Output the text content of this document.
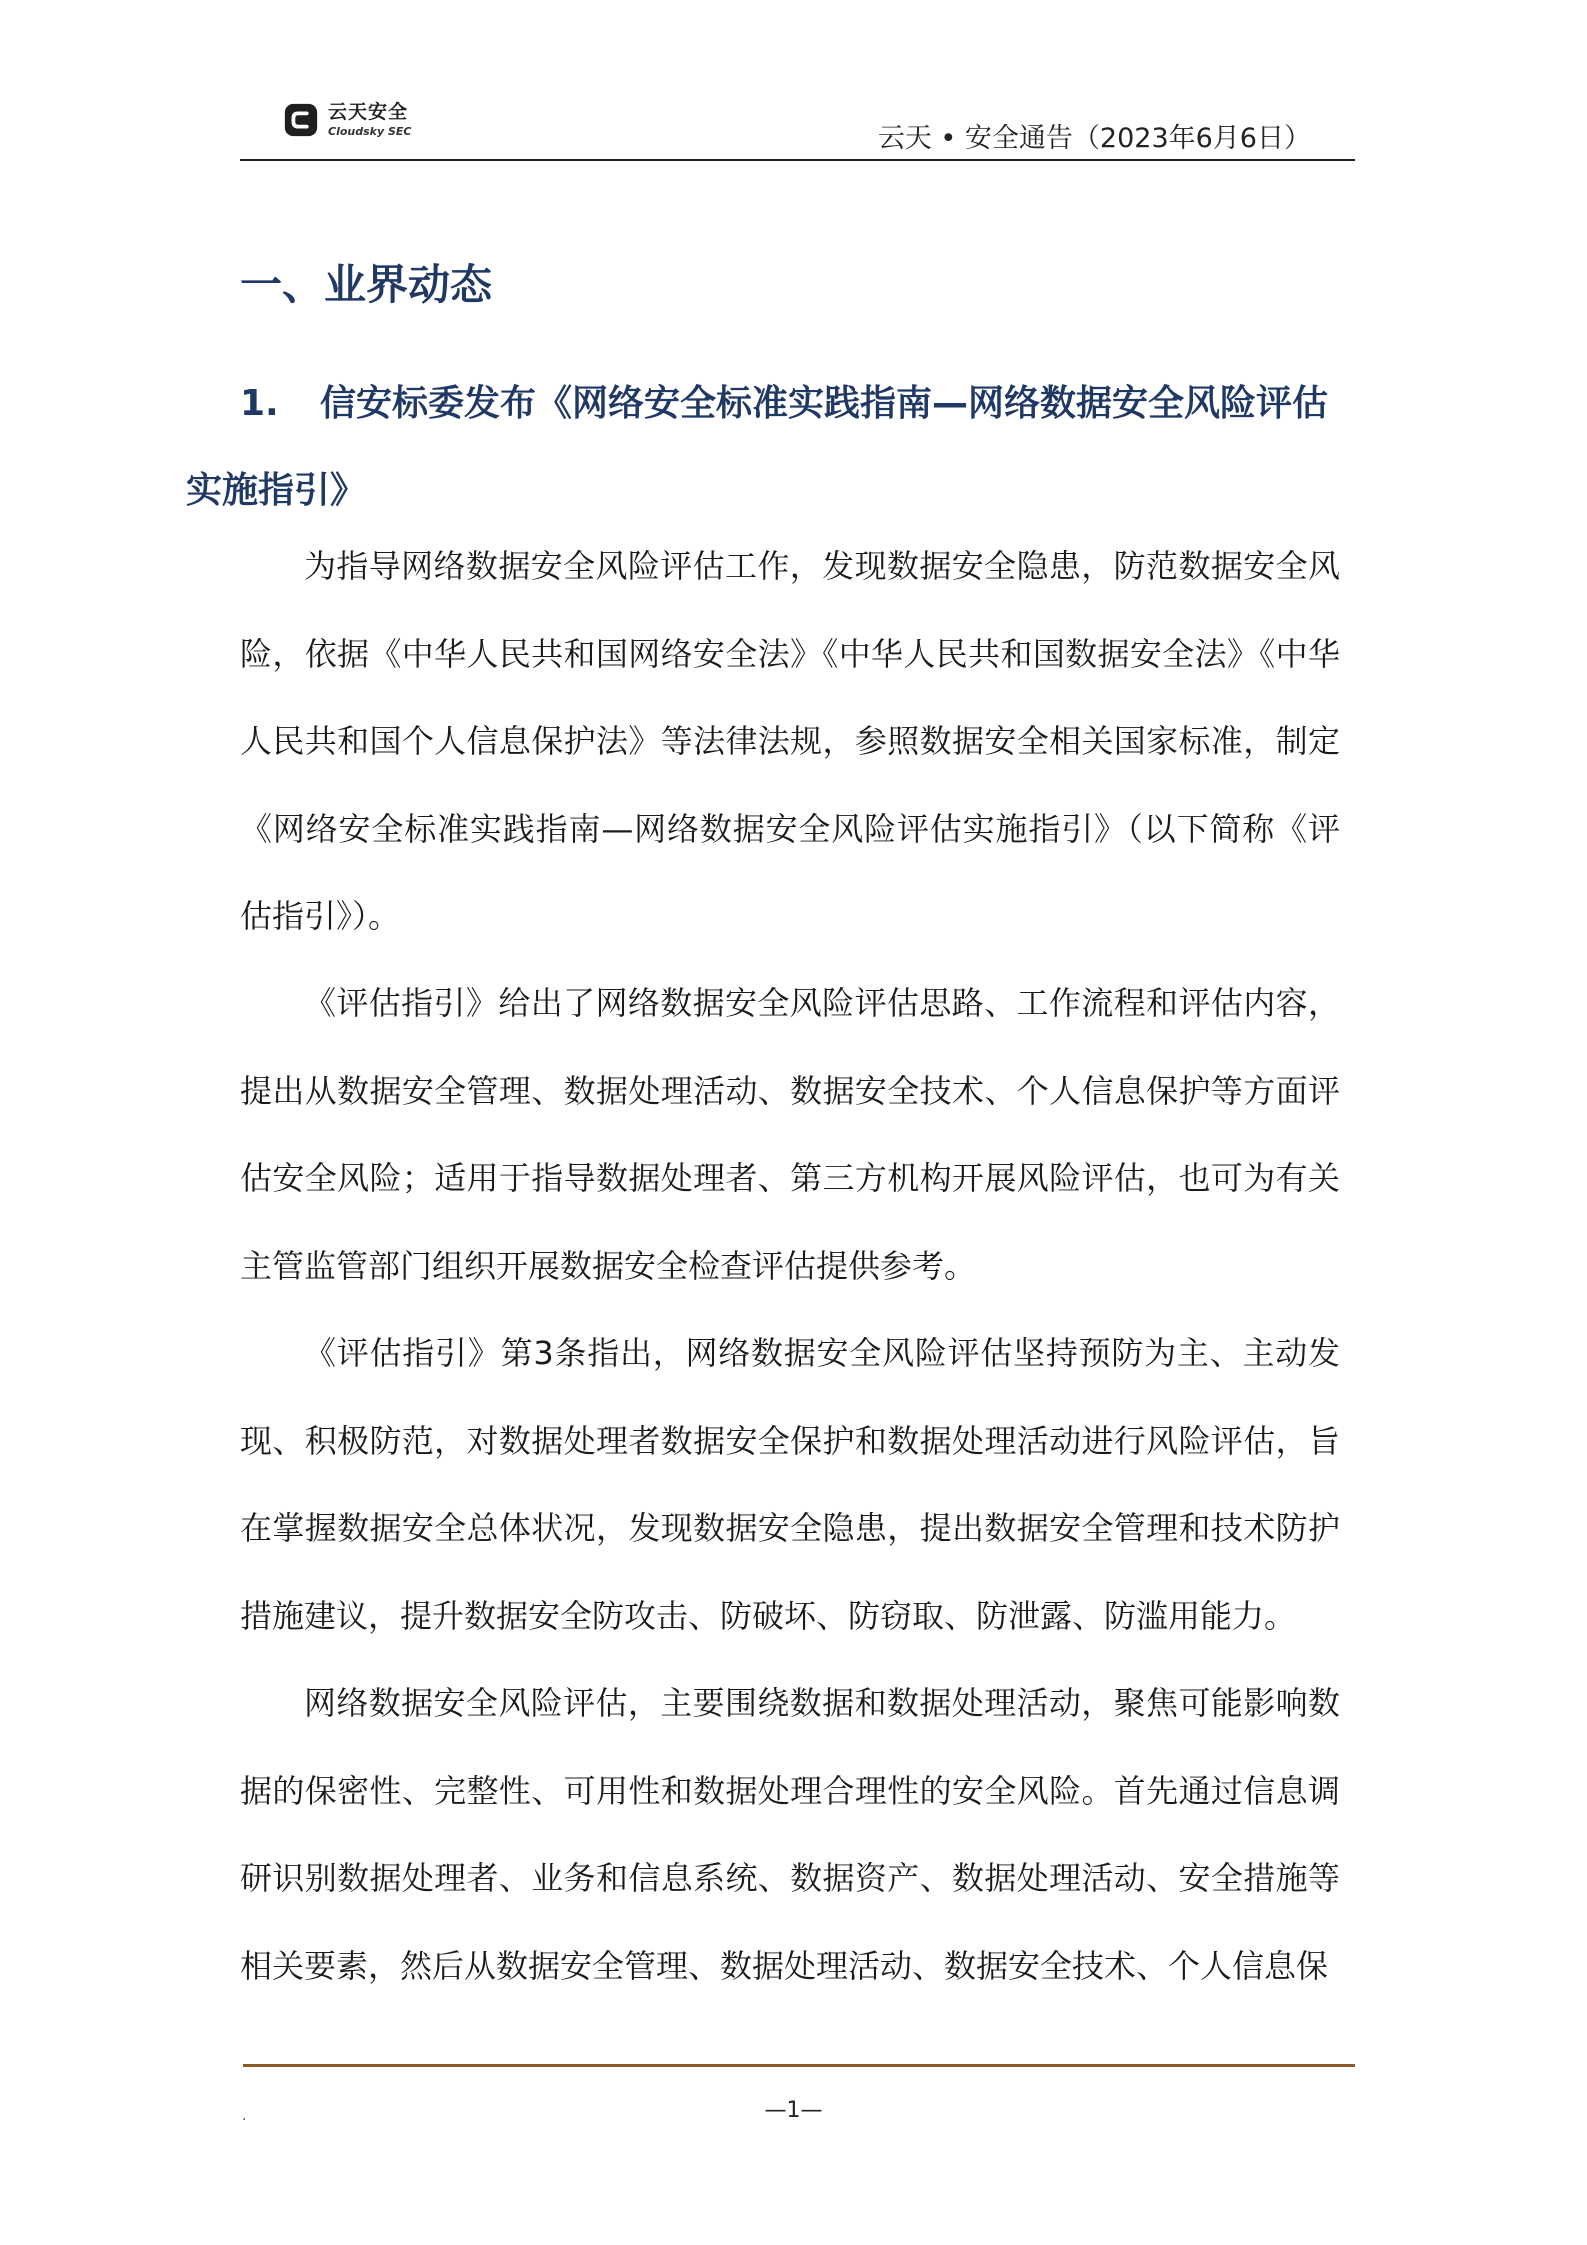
云天安全
Cloudsky SEC	云天 • 安全通告（2023年6月6日）
一、业界动态
1. 信安标委发布《网络安全标准实践指南—网络数据安全风险评估实施指引》

为指导网络数据安全风险评估工作，发现数据安全隐患，防范数据安全风险，依据《中华人民共和国网络安全法》《中华人民共和国数据安全法》《中华人民共和国个人信息保护法》等法律法规，参照数据安全相关国家标准，制定《网络安全标准实践指南—网络数据安全风险评估实施指引》（以下简称《评估指引》）。

《评估指引》给出了网络数据安全风险评估思路、工作流程和评估内容，提出从数据安全管理、数据处理活动、数据安全技术、个人信息保护等方面评估安全风险；适用于指导数据处理者、第三方机构开展风险评估，也可为有关主管监管部门组织开展数据安全检查评估提供参考。

《评估指引》第3条指出，网络数据安全风险评估坚持预防为主、主动发现、积极防范，对数据处理者数据安全保护和数据处理活动进行风险评估，旨在掌握数据安全总体状况，发现数据安全隐患，提出数据安全管理和技术防护措施建议，提升数据安全防攻击、防破坏、防窃取、防泄露、防滥用能力。

网络数据安全风险评估，主要围绕数据和数据处理活动，聚焦可能影响数据的保密性、完整性、可用性和数据处理合理性的安全风险。首先通过信息调研识别数据处理者、业务和信息系统、数据资产、数据处理活动、安全措施等相关要素，然后从数据安全管理、数据处理活动、数据安全技术、个人信息保

.	—1—
